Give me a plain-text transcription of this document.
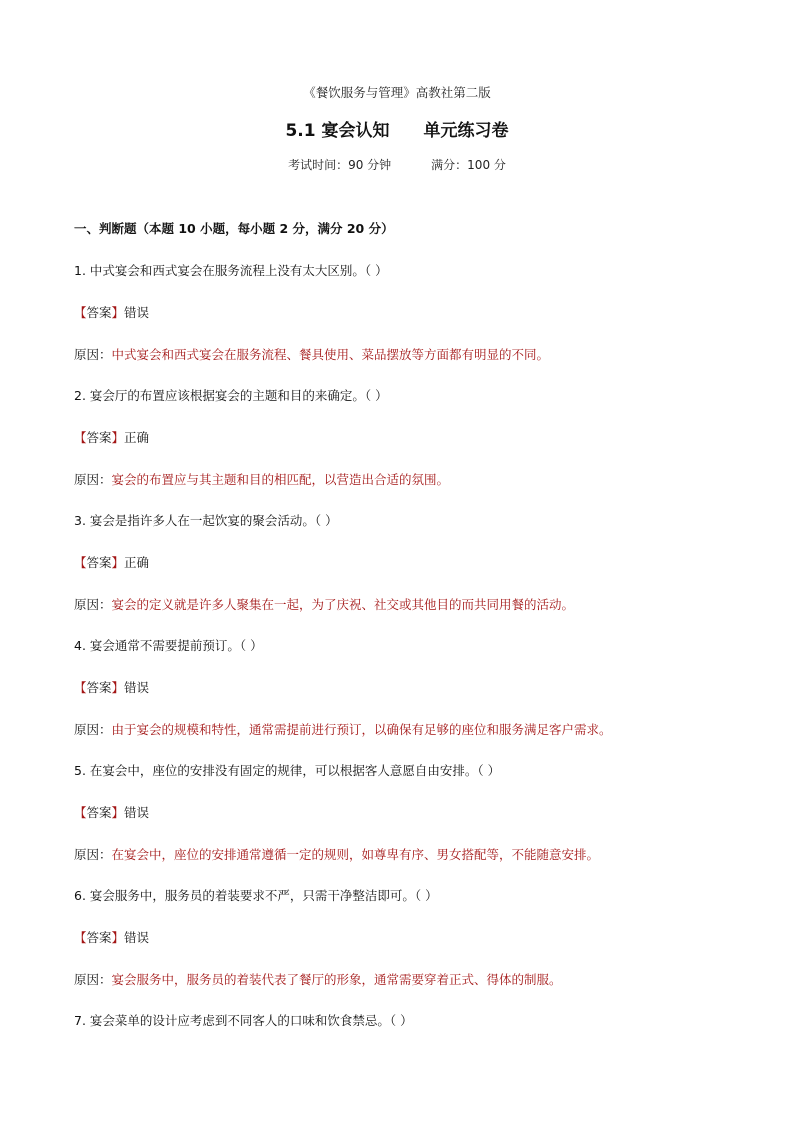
《餐饮服务与管理》高教社第二版
5.1 宴会认知 单元练习卷
考试时间：90 分钟	满分：100 分
一、判断题（本题 10 小题，每小题 2 分，满分 20 分）
1. 中式宴会和西式宴会在服务流程上没有太大区别。（ ）
【答案】错误
原因：中式宴会和西式宴会在服务流程、餐具使用、菜品摆放等方面都有明显的不同。
2. 宴会厅的布置应该根据宴会的主题和目的来确定。（ ）
【答案】正确
原因：宴会的布置应与其主题和目的相匹配，以营造出合适的氛围。
3. 宴会是指许多人在一起饮宴的聚会活动。（ ）
【答案】正确
原因：宴会的定义就是许多人聚集在一起，为了庆祝、社交或其他目的而共同用餐的活动。
4. 宴会通常不需要提前预订。（ ）
【答案】错误
原因：由于宴会的规模和特性，通常需提前进行预订，以确保有足够的座位和服务满足客户需求。
5. 在宴会中，座位的安排没有固定的规律，可以根据客人意愿自由安排。（ ）
【答案】错误
原因：在宴会中，座位的安排通常遵循一定的规则，如尊卑有序、男女搭配等，不能随意安排。
6. 宴会服务中，服务员的着装要求不严，只需干净整洁即可。（ ）
【答案】错误
原因：宴会服务中，服务员的着装代表了餐厅的形象，通常需要穿着正式、得体的制服。
7. 宴会菜单的设计应考虑到不同客人的口味和饮食禁忌。（ ）
